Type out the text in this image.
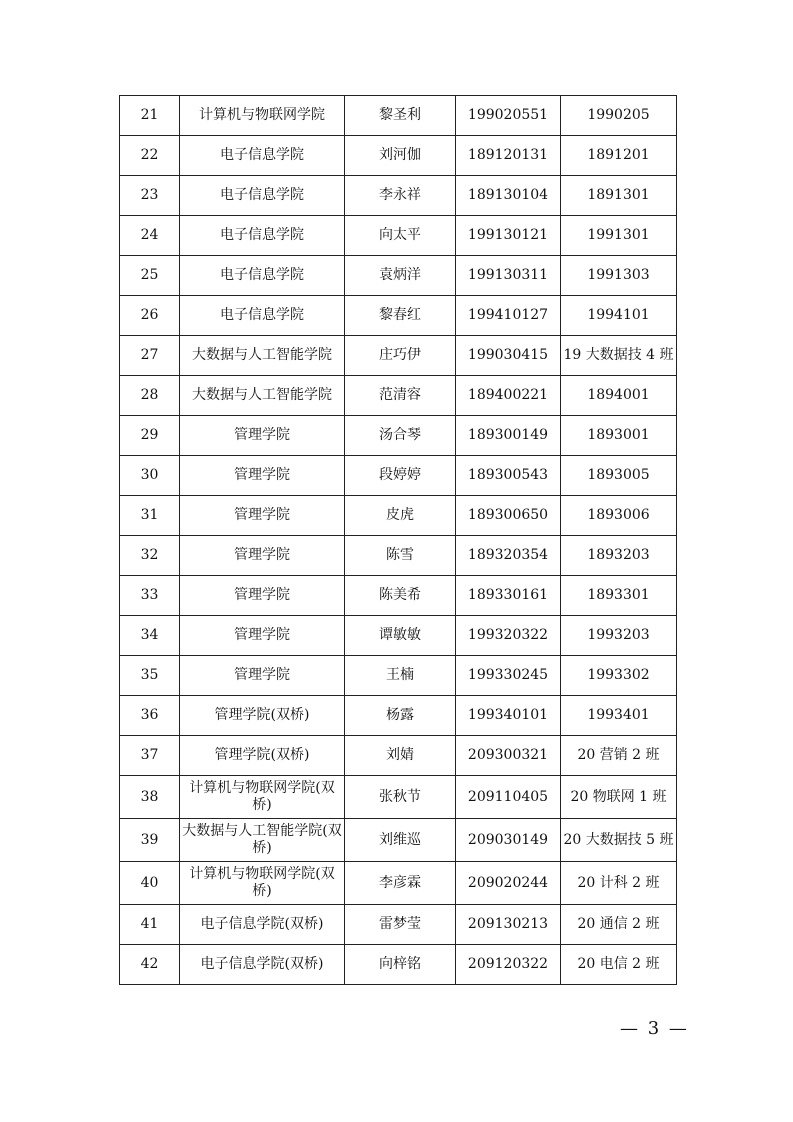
21	计算机与物联网学院	黎圣利	199020551	1990205
22	电子信息学院	刘河伽	189120131	1891201
23	电子信息学院	李永祥	189130104	1891301
24	电子信息学院	向太平	199130121	1991301
25	电子信息学院	袁炳洋	199130311	1991303
26	电子信息学院	黎春红	199410127	1994101
27	大数据与人工智能学院	庄巧伊	199030415	19 大数据技 4 班
28	大数据与人工智能学院	范清容	189400221	1894001
29	管理学院	汤合琴	189300149	1893001
30	管理学院	段婷婷	189300543	1893005
31	管理学院	皮虎	189300650	1893006
32	管理学院	陈雪	189320354	1893203
33	管理学院	陈美希	189330161	1893301
34	管理学院	谭敏敏	199320322	1993203
35	管理学院	王楠	199330245	1993302
36	管理学院(双桥)	杨露	199340101	1993401
37	管理学院(双桥)	刘婧	209300321	20 营销 2 班
38	计算机与物联网学院(双桥)	张秋节	209110405	20 物联网 1 班
39	大数据与人工智能学院(双桥)	刘维巡	209030149	20 大数据技 5 班
40	计算机与物联网学院(双桥)	李彦霖	209020244	20 计科 2 班
41	电子信息学院(双桥)	雷梦莹	209130213	20 通信 2 班
42	电子信息学院(双桥)	向梓铭	209120322	20 电信 2 班
— 3 —
